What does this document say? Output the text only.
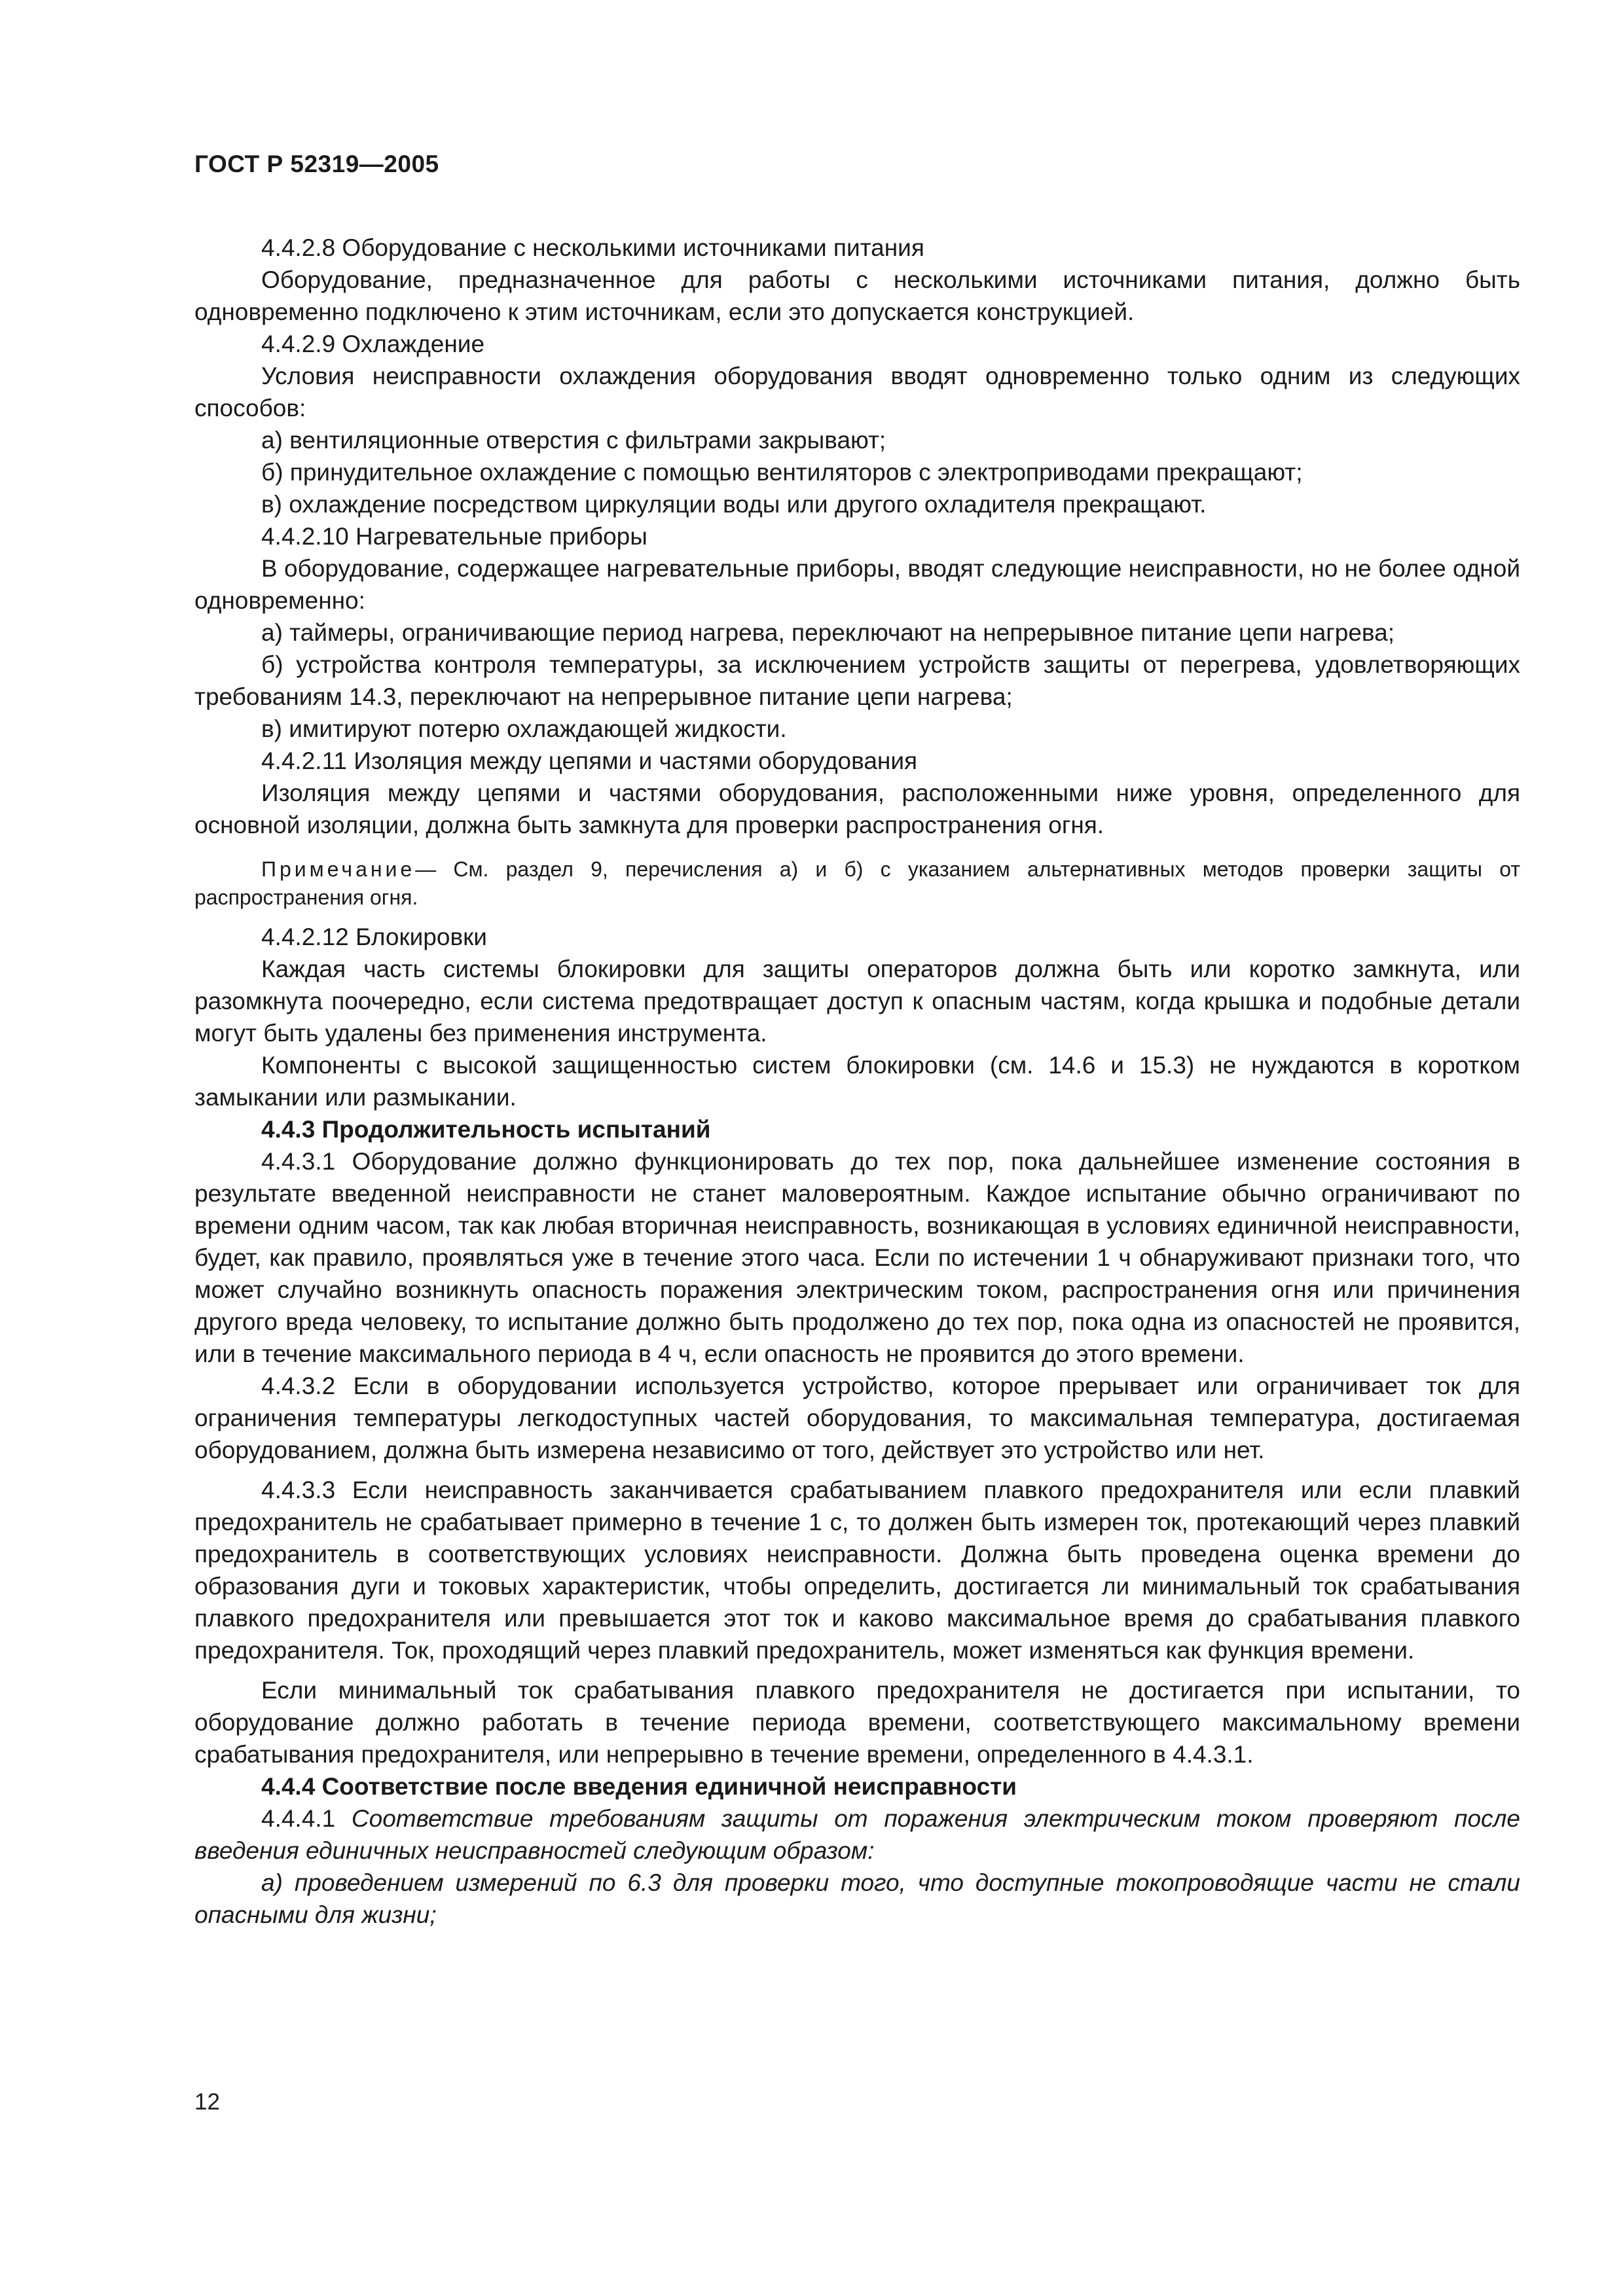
ГОСТ Р 52319—2005

4.4.2.8 Оборудование с несколькими источниками питания

Оборудование, предназначенное для работы с несколькими источниками питания, должно быть одновременно подключено к этим источникам, если это допускается конструкцией.

4.4.2.9 Охлаждение

Условия неисправности охлаждения оборудования вводят одновременно только одним из следующих способов:

а) вентиляционные отверстия с фильтрами закрывают;

б) принудительное охлаждение с помощью вентиляторов с электроприводами прекращают;

в) охлаждение посредством циркуляции воды или другого охладителя прекращают.

4.4.2.10 Нагревательные приборы

В оборудование, содержащее нагревательные приборы, вводят следующие неисправности, но не более одной одновременно:

а) таймеры, ограничивающие период нагрева, переключают на непрерывное питание цепи нагрева;

б) устройства контроля температуры, за исключением устройств защиты от перегрева, удовлетворяющих требованиям 14.3, переключают на непрерывное питание цепи нагрева;

в) имитируют потерю охлаждающей жидкости.

4.4.2.11 Изоляция между цепями и частями оборудования

Изоляция между цепями и частями оборудования, расположенными ниже уровня, определенного для основной изоляции, должна быть замкнута для проверки распространения огня.

Примечание— См. раздел 9, перечисления а) и б) с указанием альтернативных методов проверки защиты от распространения огня.

4.4.2.12 Блокировки

Каждая часть системы блокировки для защиты операторов должна быть или коротко замкнута, или разомкнута поочередно, если система предотвращает доступ к опасным частям, когда крышка и подобные детали могут быть удалены без применения инструмента.

Компоненты с высокой защищенностью систем блокировки (см. 14.6 и 15.3) не нуждаются в коротком замыкании или размыкании.

4.4.3 Продолжительность испытаний

4.4.3.1 Оборудование должно функционировать до тех пор, пока дальнейшее изменение состояния в результате введенной неисправности не станет маловероятным. Каждое испытание обычно ограничивают по времени одним часом, так как любая вторичная неисправность, возникающая в условиях единичной неисправности, будет, как правило, проявляться уже в течение этого часа. Если по истечении 1 ч обнаруживают признаки того, что может случайно возникнуть опасность поражения электрическим током, распространения огня или причинения другого вреда человеку, то испытание должно быть продолжено до тех пор, пока одна из опасностей не проявится, или в течение максимального периода в 4 ч, если опасность не проявится до этого времени.

4.4.3.2 Если в оборудовании используется устройство, которое прерывает или ограничивает ток для ограничения температуры легкодоступных частей оборудования, то максимальная температура, достигаемая оборудованием, должна быть измерена независимо от того, действует это устройство или нет.

4.4.3.3 Если неисправность заканчивается срабатыванием плавкого предохранителя или если плавкий предохранитель не срабатывает примерно в течение 1 с, то должен быть измерен ток, протекающий через плавкий предохранитель в соответствующих условиях неисправности. Должна быть проведена оценка времени до образования дуги и токовых характеристик, чтобы определить, достигается ли минимальный ток срабатывания плавкого предохранителя или превышается этот ток и каково максимальное время до срабатывания плавкого предохранителя. Ток, проходящий через плавкий предохранитель, может изменяться как функция времени.

Если минимальный ток срабатывания плавкого предохранителя не достигается при испытании, то оборудование должно работать в течение периода времени, соответствующего максимальному времени срабатывания предохранителя, или непрерывно в течение времени, определенного в 4.4.3.1.

4.4.4 Соответствие после введения единичной неисправности

4.4.4.1 Соответствие требованиям защиты от поражения электрическим током проверяют после введения единичных неисправностей следующим образом:

а) проведением измерений по 6.3 для проверки того, что доступные токопроводящие части не стали опасными для жизни;

12
